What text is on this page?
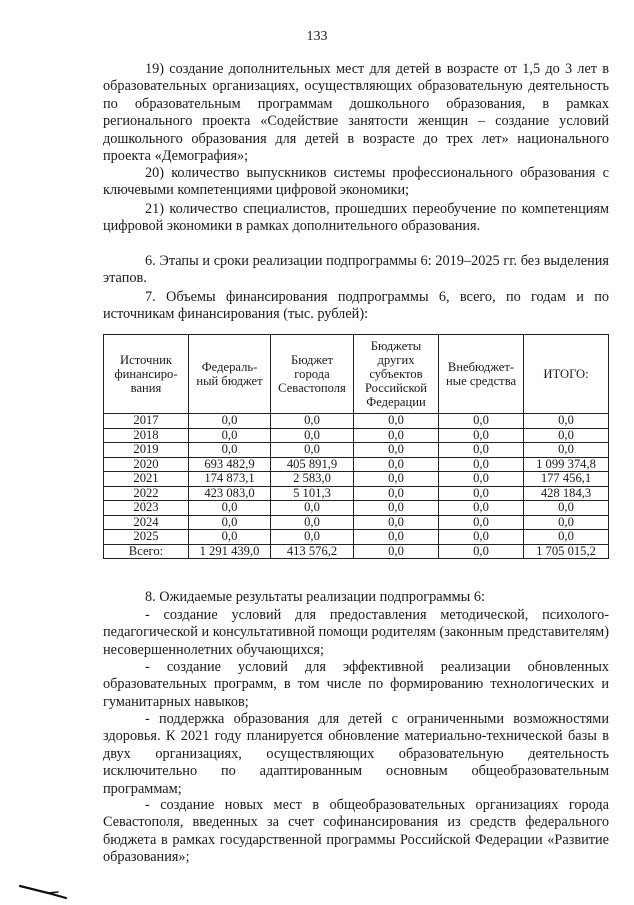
133

19) создание дополнительных мест для детей в возрасте от 1,5 до 3 лет в образовательных организациях, осуществляющих образовательную деятельность по образовательным программам дошкольного образования, в рамках регионального проекта «Содействие занятости женщин – создание условий дошкольного образования для детей в возрасте до трех лет» национального проекта «Демография»;

20) количество выпускников системы профессионального образования с ключевыми компетенциями цифровой экономики;

21) количество специалистов, прошедших переобучение по компетенциям цифровой экономики в рамках дополнительного образования.

6. Этапы и сроки реализации подпрограммы 6: 2019–2025 гг. без выделения этапов.

7. Объемы финансирования подпрограммы 6, всего, по годам и по источникам финансирования (тыс. рублей):

Источник финансиро-вания	Федераль-ный бюджет	Бюджет города Севастополя	Бюджеты других субъектов Российской Федерации	Внебюджет-ные средства	ИТОГО:
2017	0,0	0,0	0,0	0,0	0,0
2018	0,0	0,0	0,0	0,0	0,0
2019	0,0	0,0	0,0	0,0	0,0
2020	693 482,9	405 891,9	0,0	0,0	1 099 374,8
2021	174 873,1	2 583,0	0,0	0,0	177 456,1
2022	423 083,0	5 101,3	0,0	0,0	428 184,3
2023	0,0	0,0	0,0	0,0	0,0
2024	0,0	0,0	0,0	0,0	0,0
2025	0,0	0,0	0,0	0,0	0,0
Всего:	1 291 439,0	413 576,2	0,0	0,0	1 705 015,2

8. Ожидаемые результаты реализации подпрограммы 6:

- создание условий для предоставления методической, психолого-педагогической и консультативной помощи родителям (законным представителям) несовершеннолетних обучающихся;

- создание условий для эффективной реализации обновленных образовательных программ, в том числе по формированию технологических и гуманитарных навыков;

- поддержка образования для детей с ограниченными возможностями здоровья. К 2021 году планируется обновление материально-технической базы в двух организациях, осуществляющих образовательную деятельность исключительно по адаптированным основным общеобразовательным программам;

- создание новых мест в общеобразовательных организациях города Севастополя, введенных за счет софинансирования из средств федерального бюджета в рамках государственной программы Российской Федерации «Развитие образования»;
